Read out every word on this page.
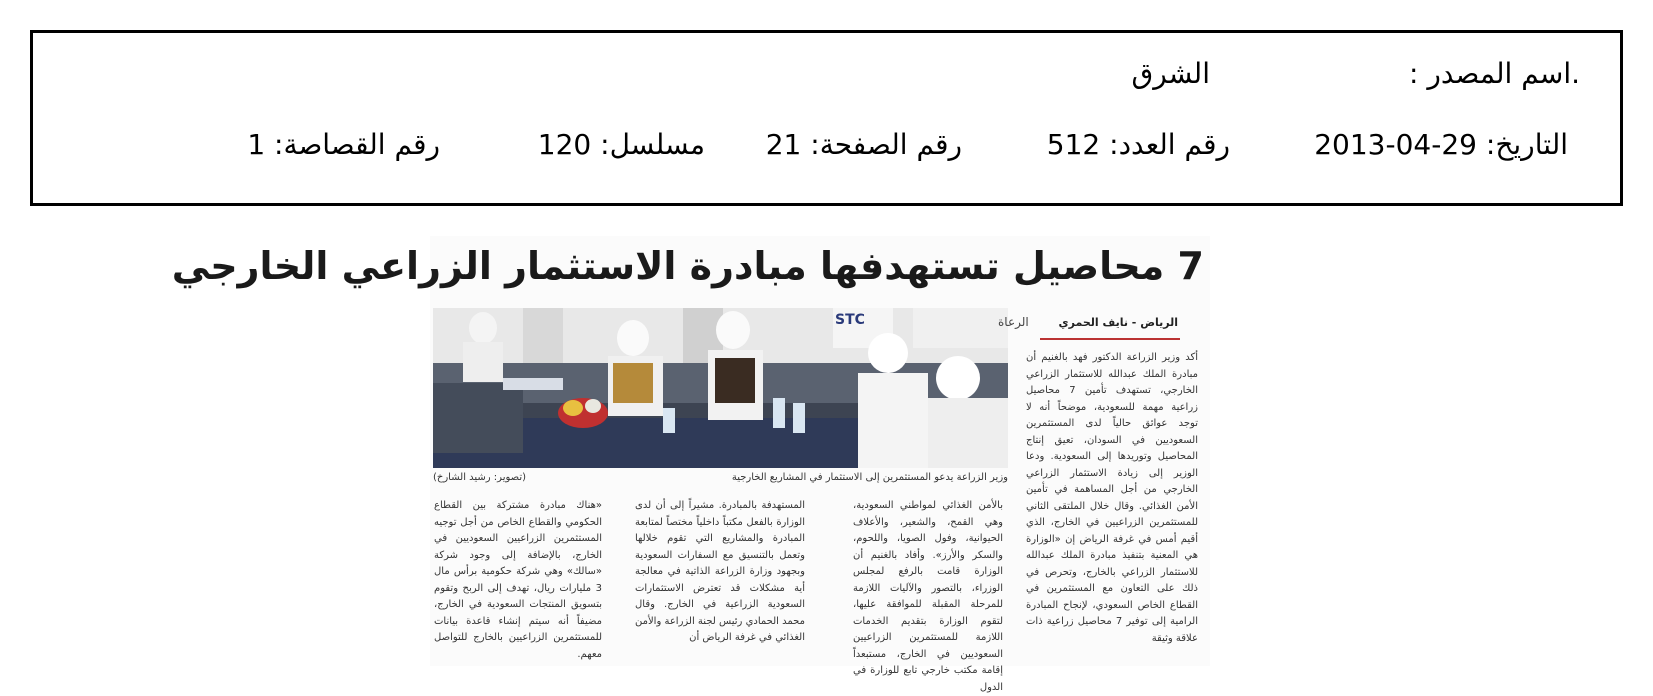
.اسم المصدر :
الشرق
التاريخ: 29-04-2013
رقم العدد: 512
رقم الصفحة: 21
مسلسل: 120
رقم القصاصة: 1
7 محاصيل تستهدفها مبادرة الاستثمار الزراعي الخارجي
STC	الرعاة
وزير الزراعة يدعو المستثمرين إلى الاستثمار في المشاريع الخارجية
(تصوير: رشيد الشارخ)
الرياض - نايف الحمري
أكد وزير الزراعة الدكتور فهد بالغنيم أن مبادرة الملك عبدالله للاستثمار الزراعي الخارجي، تستهدف تأمين 7 محاصيل زراعية مهمة للسعودية، موضحاً أنه لا توجد عوائق حالياً لدى المستثمرين السعوديين في السودان، تعيق إنتاج المحاصيل وتوريدها إلى السعودية. ودعا الوزير إلى زيادة الاستثمار الزراعي الخارجي من أجل المساهمة في تأمين الأمن الغذائي. وقال خلال الملتقى الثاني للمستثمرين الزراعيين في الخارج، الذي أقيم أمس في غرفة الرياض إن «الوزارة هي المعنية بتنفيذ مبادرة الملك عبدالله للاستثمار الزراعي بالخارج، وتحرص في ذلك على التعاون مع المستثمرين في القطاع الخاص السعودي، لإنجاح المبادرة الرامية إلى توفير 7 محاصيل زراعية ذات علاقة وثيقة
بالأمن الغذائي لمواطني السعودية، وهي القمح، والشعير، والأعلاف الحيوانية، وفول الصويا، واللحوم، والسكر والأرز». وأفاد بالغنيم أن الوزارة قامت بالرفع لمجلس الوزراء، بالتصور والآليات اللازمة للمرحلة المقبلة للموافقة عليها، لتقوم الوزارة بتقديم الخدمات اللازمة للمستثمرين الزراعيين السعوديين في الخارج، مستبعداً إقامة مكتب خارجي تابع للوزارة في الدول
المستهدفة بالمبادرة. مشيراً إلى أن لدى الوزارة بالفعل مكتباً داخلياً مختصاً لمتابعة المبادرة والمشاريع التي تقوم خلالها وتعمل بالتنسيق مع السفارات السعودية وبجهود وزارة الزراعة الذاتية في معالجة أية مشكلات قد تعترض الاستثمارات السعودية الزراعية في الخارج. وقال محمد الحمادي رئيس لجنة الزراعة والأمن الغذائي في غرفة الرياض أن
«هناك مبادرة مشتركة بين القطاع الحكومي والقطاع الخاص من أجل توجيه المستثمرين الزراعيين السعوديين في الخارج، بالإضافة إلى وجود شركة «سالك» وهي شركة حكومية برأس مال 3 مليارات ريال، تهدف إلى الربح وتقوم بتسويق المنتجات السعودية في الخارج، مضيفاً أنه سيتم إنشاء قاعدة بيانات للمستثمرين الزراعيين بالخارج للتواصل معهم.
